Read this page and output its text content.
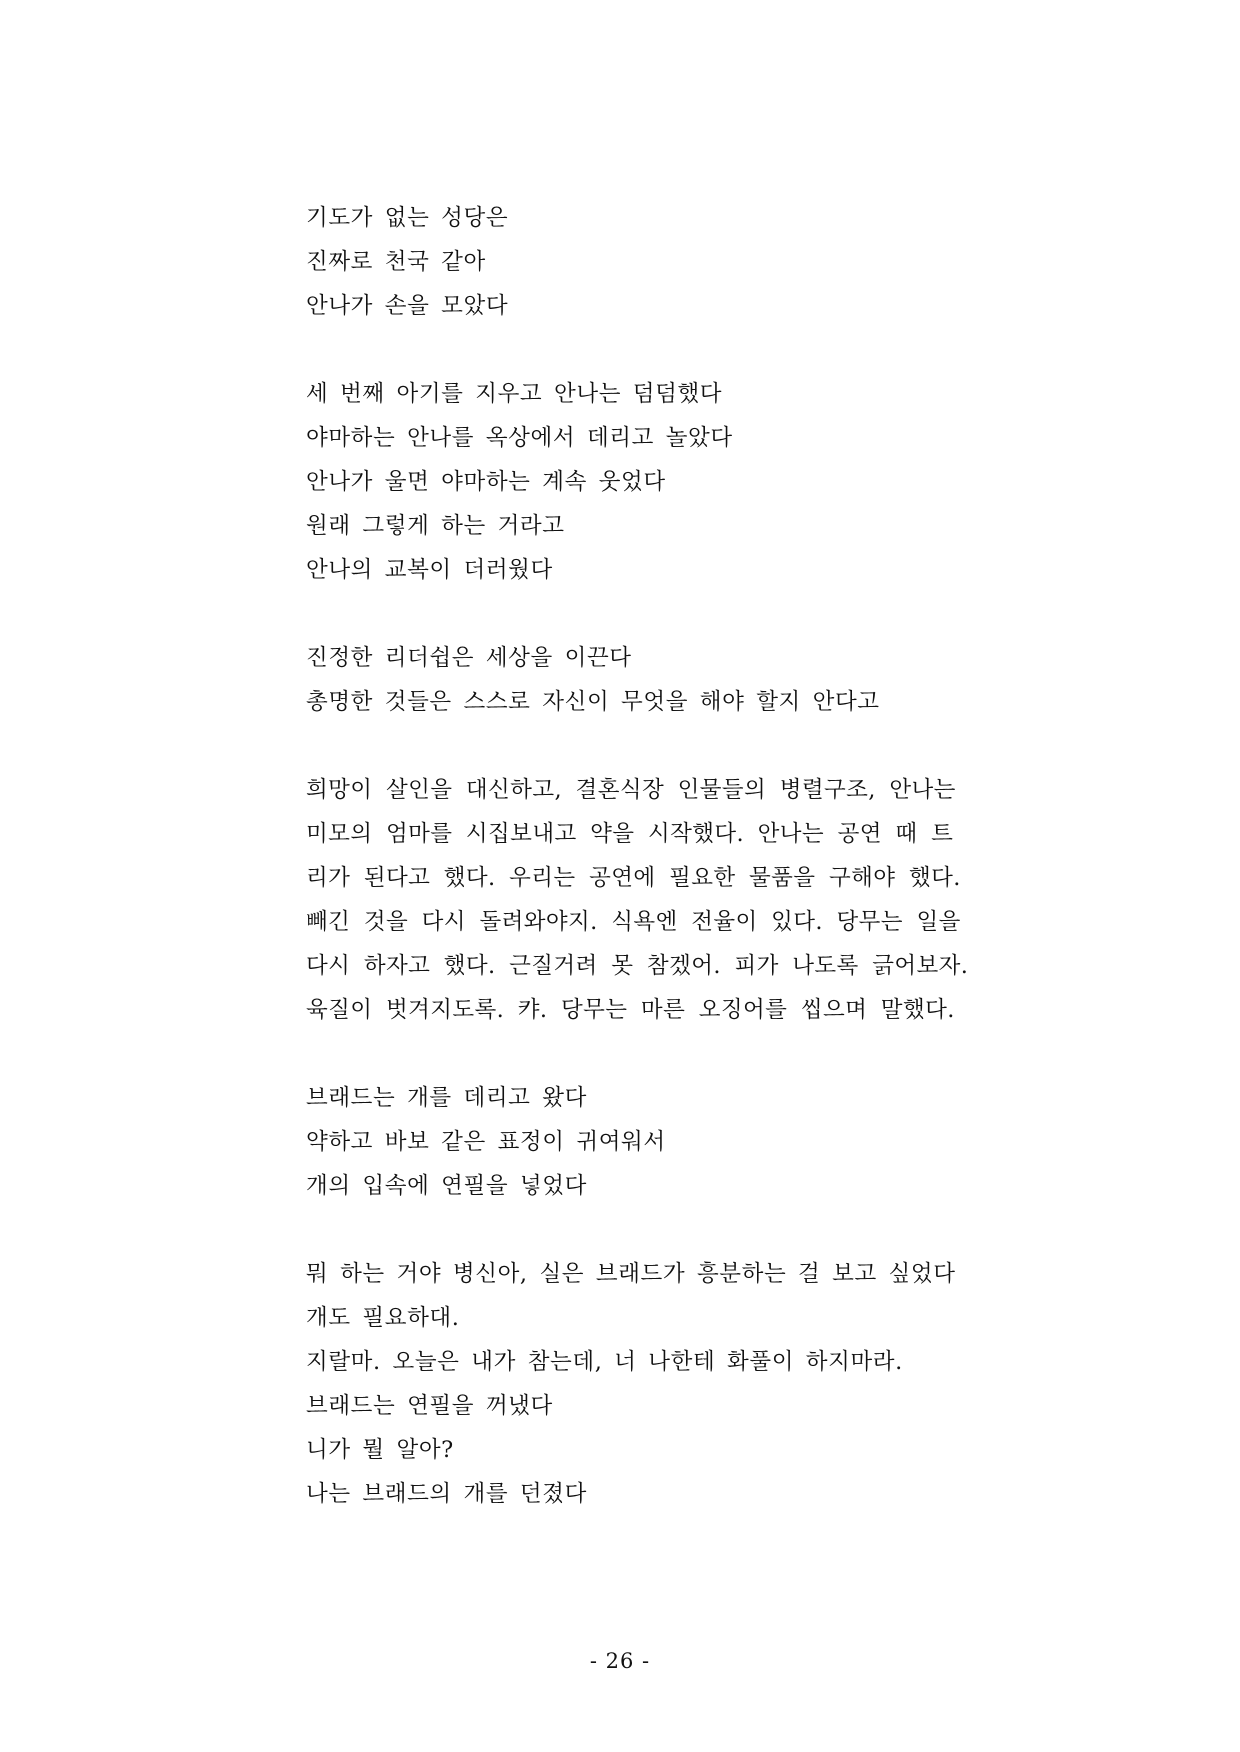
기도가 없는 성당은
진짜로 천국 같아
안나가 손을 모았다
세 번째 아기를 지우고 안나는 덤덤했다
야마하는 안나를 옥상에서 데리고 놀았다
안나가 울면 야마하는 계속 웃었다
원래 그렇게 하는 거라고
안나의 교복이 더러웠다
진정한 리더쉽은 세상을 이끈다
총명한 것들은 스스로 자신이 무엇을 해야 할지 안다고
희망이 살인을 대신하고, 결혼식장 인물들의 병렬구조, 안나는
미모의 엄마를 시집보내고 약을 시작했다. 안나는 공연 때 트
리가 된다고 했다. 우리는 공연에 필요한 물품을 구해야 했다.
빼긴 것을 다시 돌려와야지. 식욕엔 전율이 있다. 당무는 일을
다시 하자고 했다. 근질거려 못 참겠어. 피가 나도록 긁어보자.
육질이 벗겨지도록. 캬. 당무는 마른 오징어를 씹으며 말했다.
브래드는 개를 데리고 왔다
약하고 바보 같은 표정이 귀여워서
개의 입속에 연필을 넣었다
뭐 하는 거야 병신아, 실은 브래드가 흥분하는 걸 보고 싶었다
개도 필요하대.
지랄마. 오늘은 내가 참는데, 너 나한테 화풀이 하지마라.
브래드는 연필을 꺼냈다
니가 뭘 알아?
나는 브래드의 개를 던졌다
- 26 -
